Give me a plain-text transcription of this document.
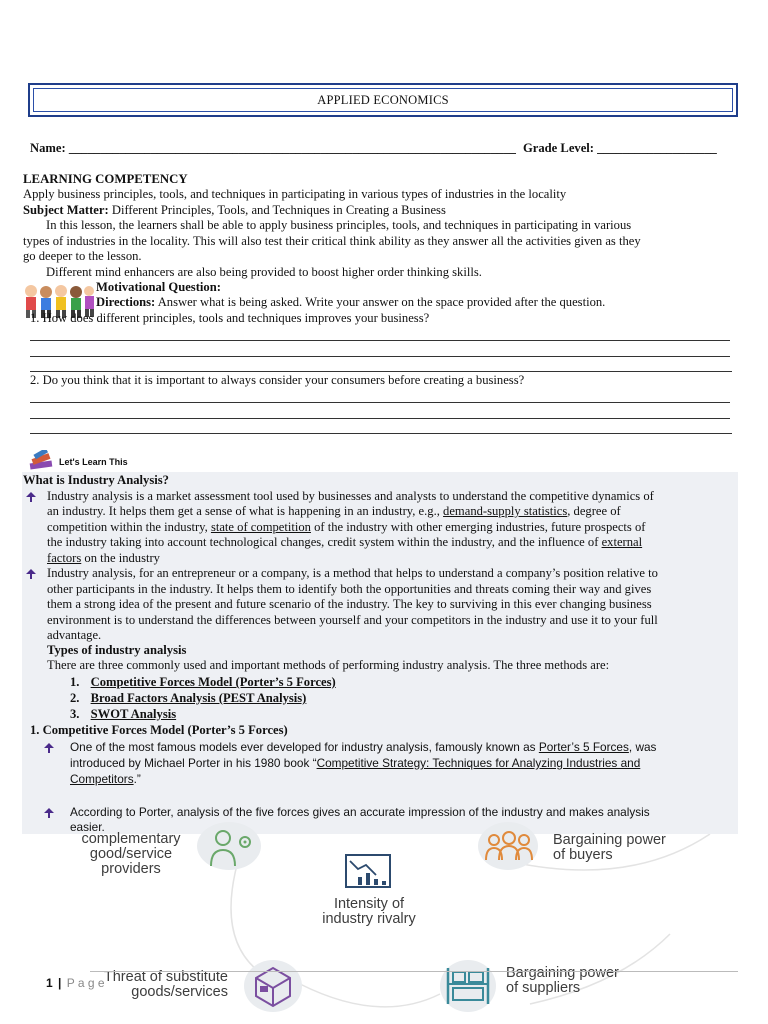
APPLIED ECONOMICS
Name: _______________________________________________________________________ Grade Level: ___________________
LEARNING COMPETENCY
Apply business principles, tools, and techniques in participating in various types of industries in the locality
Subject Matter: Different Principles, Tools, and Techniques in Creating a Business
In this lesson, the learners shall be able to apply business principles, tools, and techniques in participating in various
types of industries in the locality. This will also test their critical think ability as they answer all the activities given as they
go deeper to the lesson.
Different mind enhancers are also being provided to boost higher order thinking skills.
Motivational Question:
Directions: Answer what is being asked. Write your answer on the space provided after the question.
1. How does different principles, tools and techniques improves your business?
2. Do you think that it is important to always consider your consumers before creating a business?
Let's Learn This
What is Industry Analysis?
Industry analysis is a market assessment tool used by businesses and analysts to understand the competitive dynamics of
an industry. It helps them get a sense of what is happening in an industry, e.g., demand-supply statistics, degree of
competition within the industry, state of competition of the industry with other emerging industries, future prospects of
the industry taking into account technological changes, credit system within the industry, and the influence of external
factors on the industry
Industry analysis, for an entrepreneur or a company, is a method that helps to understand a company’s position relative to
other participants in the industry. It helps them to identify both the opportunities and threats coming their way and gives
them a strong idea of the present and future scenario of the industry. The key to surviving in this ever changing business
environment is to understand the differences between yourself and your competitors in the industry and use it to your full
advantage.
Types of industry analysis
There are three commonly used and important methods of performing industry analysis. The three methods are:
1. Competitive Forces Model (Porter’s 5 Forces)
2. Broad Factors Analysis (PEST Analysis)
3. SWOT Analysis
1. Competitive Forces Model (Porter’s 5 Forces)
One of the most famous models ever developed for industry analysis, famously known as Porter’s 5 Forces, was
introduced by Michael Porter in his 1980 book “Competitive Strategy: Techniques for Analyzing Industries and
Competitors.”
According to Porter, analysis of the five forces gives an accurate impression of the industry and makes analysis
easier.
complementary
good/service
providers
Bargaining power
of buyers
Intensity of
industry rivalry
Threat of substitute
goods/services
Bargaining power
of suppliers
1 | P a g e
